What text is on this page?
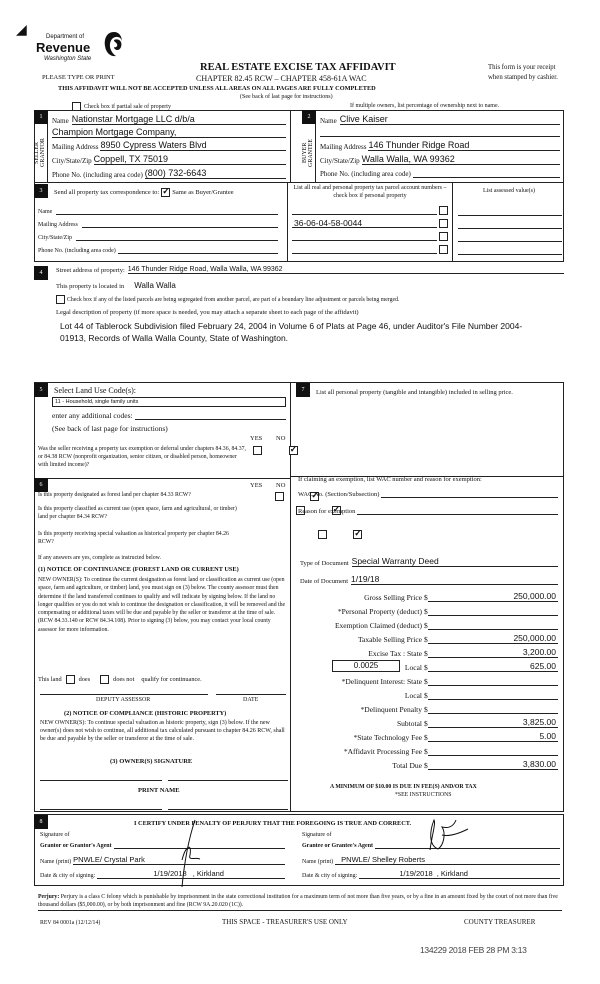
◢	Department of
Revenue
Washington State
REAL ESTATE EXCISE TAX AFFIDAVIT
PLEASE TYPE OR PRINT	CHAPTER 82.45 RCW – CHAPTER 458-61A WAC
This form is your receipt
when stamped by cashier.
THIS AFFIDAVIT WILL NOT BE ACCEPTED UNLESS ALL AREAS ON ALL PAGES ARE FULLY COMPLETED
(See back of last page for instructions)
Check box if partial sale of property	If multiple owners, list percentage of ownership next to name.
1
SELLER GRANTOR
Name Nationstar Mortgage LLC d/b/a
Champion Mortgage Company,
Mailing Address 8950 Cypress Waters Blvd
City/State/Zip Coppell, TX 75019
Phone No. (including area code) (800) 732-6643
2
BUYER GRANTEE
Name Clive Kaiser
Mailing Address 146 Thunder Ridge Road
City/State/Zip Walla Walla, WA 99362
Phone No. (including area code)
3	Send all property tax correspondence to: ✓ Same as Buyer/Grantee
List all real and personal property tax parcel account numbers – check box if personal property
List assessed value(s)
Name
Mailing Address
City/State/Zip
Phone No. (including area code)
36-06-04-58-0044
4	Street address of property: 146 Thunder Ridge Road, Walla Walla, WA 99362
This property is located in Walla Walla
Check box if any of the listed parcels are being segregated from another parcel, are part of a boundary line adjustment or parcels being merged.
Legal description of property (if more space is needed, you may attach a separate sheet to each page of the affidavit)
Lot 44 of Tablerock Subdivision filed February 24, 2004 in Volume 6 of Plats at Page 46, under Auditor's File Number 2004-01913, Records of Walla Walla County, State of Washington.
5	Select Land Use Code(s):
11 - Household, single family units
enter any additional codes:
(See back of last page for instructions)
YES NO
Was the seller receiving a property tax exemption or deferral under chapters 84.36, 84.37, or 84.38 RCW (nonprofit organization, senior citizen, or disabled person, homeowner with limited income)?
✓
6	YES NO
Is this property designated as forest land per chapter 84.33 RCW?
✓
Is this property classified as current use (open space, farm and agricultural, or timber) land per chapter 84.34 RCW?
✓
Is this property receiving special valuation as historical property per chapter 84.26 RCW?
✓
If any answers are yes, complete as instructed below.
(1) NOTICE OF CONTINUANCE (FOREST LAND OR CURRENT USE)
NEW OWNER(S): To continue the current designation as forest land or classification as current use (open space, farm and agriculture, or timber) land, you must sign on (3) below. The county assessor must then determine if the land transferred continues to qualify and will indicate by signing below. If the land no longer qualifies or you do not wish to continue the designation or classification, it will be removed and the compensating or additional taxes will be due and payable by the seller or transferor at the time of sale. (RCW 84.33.140 or RCW 84.34.108). Prior to signing (3) below, you may contact your local county assessor for more information.
This land	does	does not qualify for continuance.
DEPUTY ASSESSOR	DATE
(2) NOTICE OF COMPLIANCE (HISTORIC PROPERTY)
NEW OWNER(S): To continue special valuation as historic property, sign (3) below. If the new owner(s) does not wish to continue, all additional tax calculated pursuant to chapter 84.26 RCW, shall be due and payable by the seller or transferor at the time of sale.
(3) OWNER(S) SIGNATURE
PRINT NAME
7	List all personal property (tangible and intangible) included in selling price.
If claiming an exemption, list WAC number and reason for exemption:
WAC No. (Section/Subsection)
Reason for exemption
Type of Document Special Warranty Deed
Date of Document 1/19/18
Gross Selling Price $	250,000.00
*Personal Property (deduct) $
Exemption Claimed (deduct) $
Taxable Selling Price $	250,000.00
Excise Tax : State $	3,200.00
Local $	625.00
*Delinquent Interest: State $
Local $
*Delinquent Penalty $
Subtotal $	3,825.00
*State Technology Fee $	5.00
*Affidavit Processing Fee $
Total Due $	3,830.00
0.0025
A MINIMUM OF $10.00 IS DUE IN FEE(S) AND/OR TAX
*SEE INSTRUCTIONS
8	I CERTIFY UNDER PENALTY OF PERJURY THAT THE FOREGOING IS TRUE AND CORRECT.
Signature of
Grantor or Grantor's Agent
Name (print) PNWLE/ Crystal Park
Date & city of signing:	1/19/2018 , Kirkland
Signature of
Grantee or Grantee's Agent
Name (print)	PNWLE/ Shelley Roberts
Date & city of signing:	1/19/2018 , Kirkland
Perjury: Perjury is a class C felony which is punishable by imprisonment in the state correctional institution for a maximum term of not more than five years, or by a fine in an amount fixed by the court of not more than five thousand dollars ($5,000.00), or by both imprisonment and fine (RCW 9A.20.020 (1C)).
REV 84 0001a (12/12/14)	THIS SPACE - TREASURER'S USE ONLY	COUNTY TREASURER
134229 2018 FEB 28 PM 3:13
